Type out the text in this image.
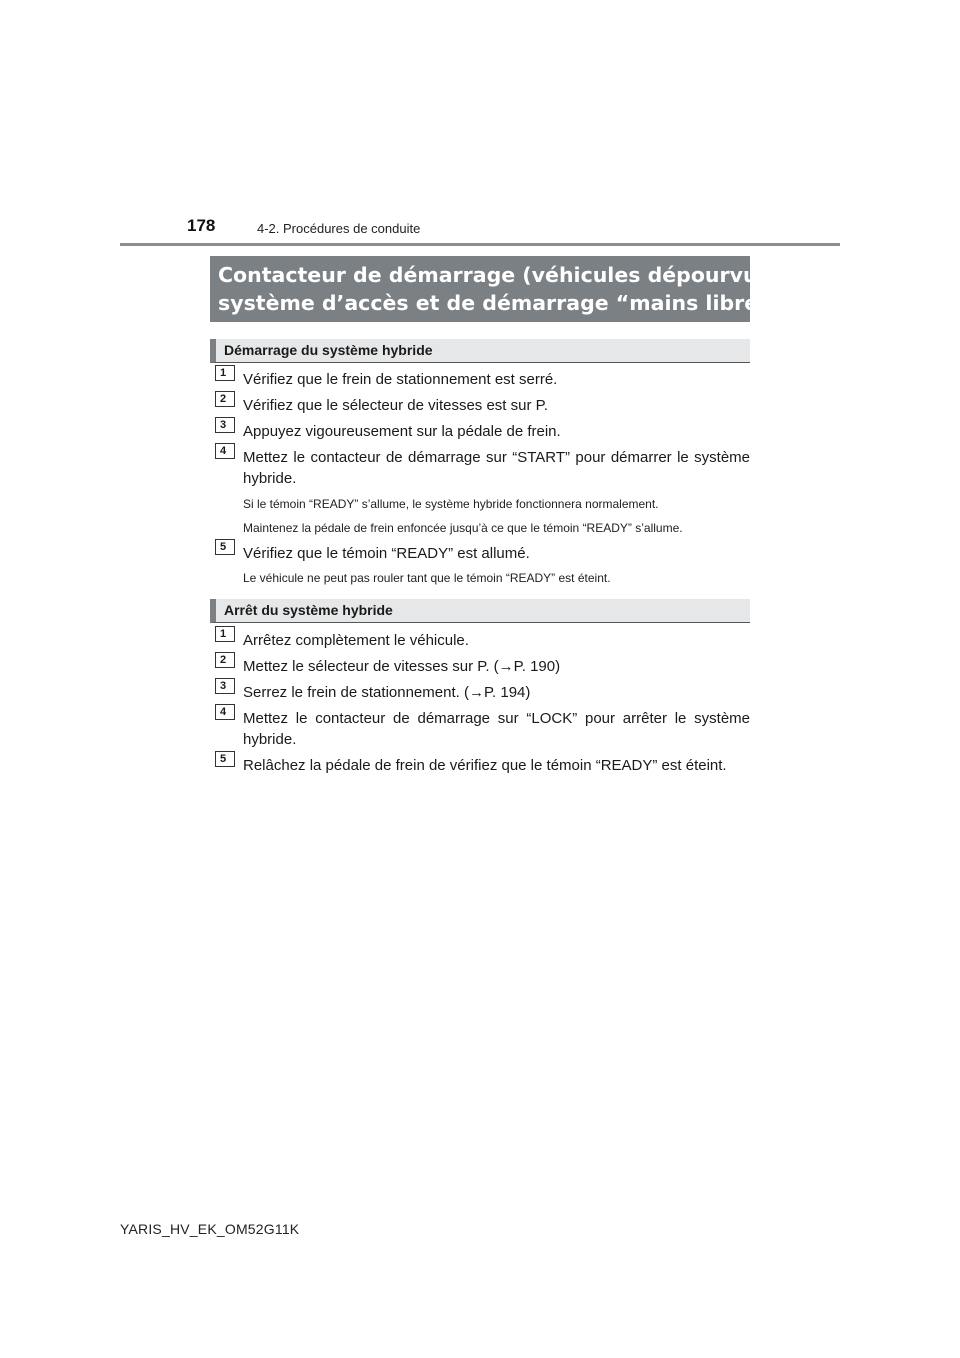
178	4-2. Procédures de conduite
Contacteur de démarrage (véhicules dépourvus de
système d’accès et de démarrage “mains libres”)
Démarrage du système hybride
1	Vérifiez que le frein de stationnement est serré.
2	Vérifiez que le sélecteur de vitesses est sur P.
3	Appuyez vigoureusement sur la pédale de frein.
4	Mettez le contacteur de démarrage sur “START” pour démarrer le système hybride.
Si le témoin “READY” s’allume, le système hybride fonctionnera normalement.
Maintenez la pédale de frein enfoncée jusqu’à ce que le témoin “READY” s’allume.
5	Vérifiez que le témoin “READY” est allumé.
Le véhicule ne peut pas rouler tant que le témoin “READY” est éteint.
Arrêt du système hybride
1	Arrêtez complètement le véhicule.
2	Mettez le sélecteur de vitesses sur P. (→P. 190)
3	Serrez le frein de stationnement. (→P. 194)
4	Mettez le contacteur de démarrage sur “LOCK” pour arrêter le système hybride.
5	Relâchez la pédale de frein de vérifiez que le témoin “READY” est éteint.
YARIS_HV_EK_OM52G11K
